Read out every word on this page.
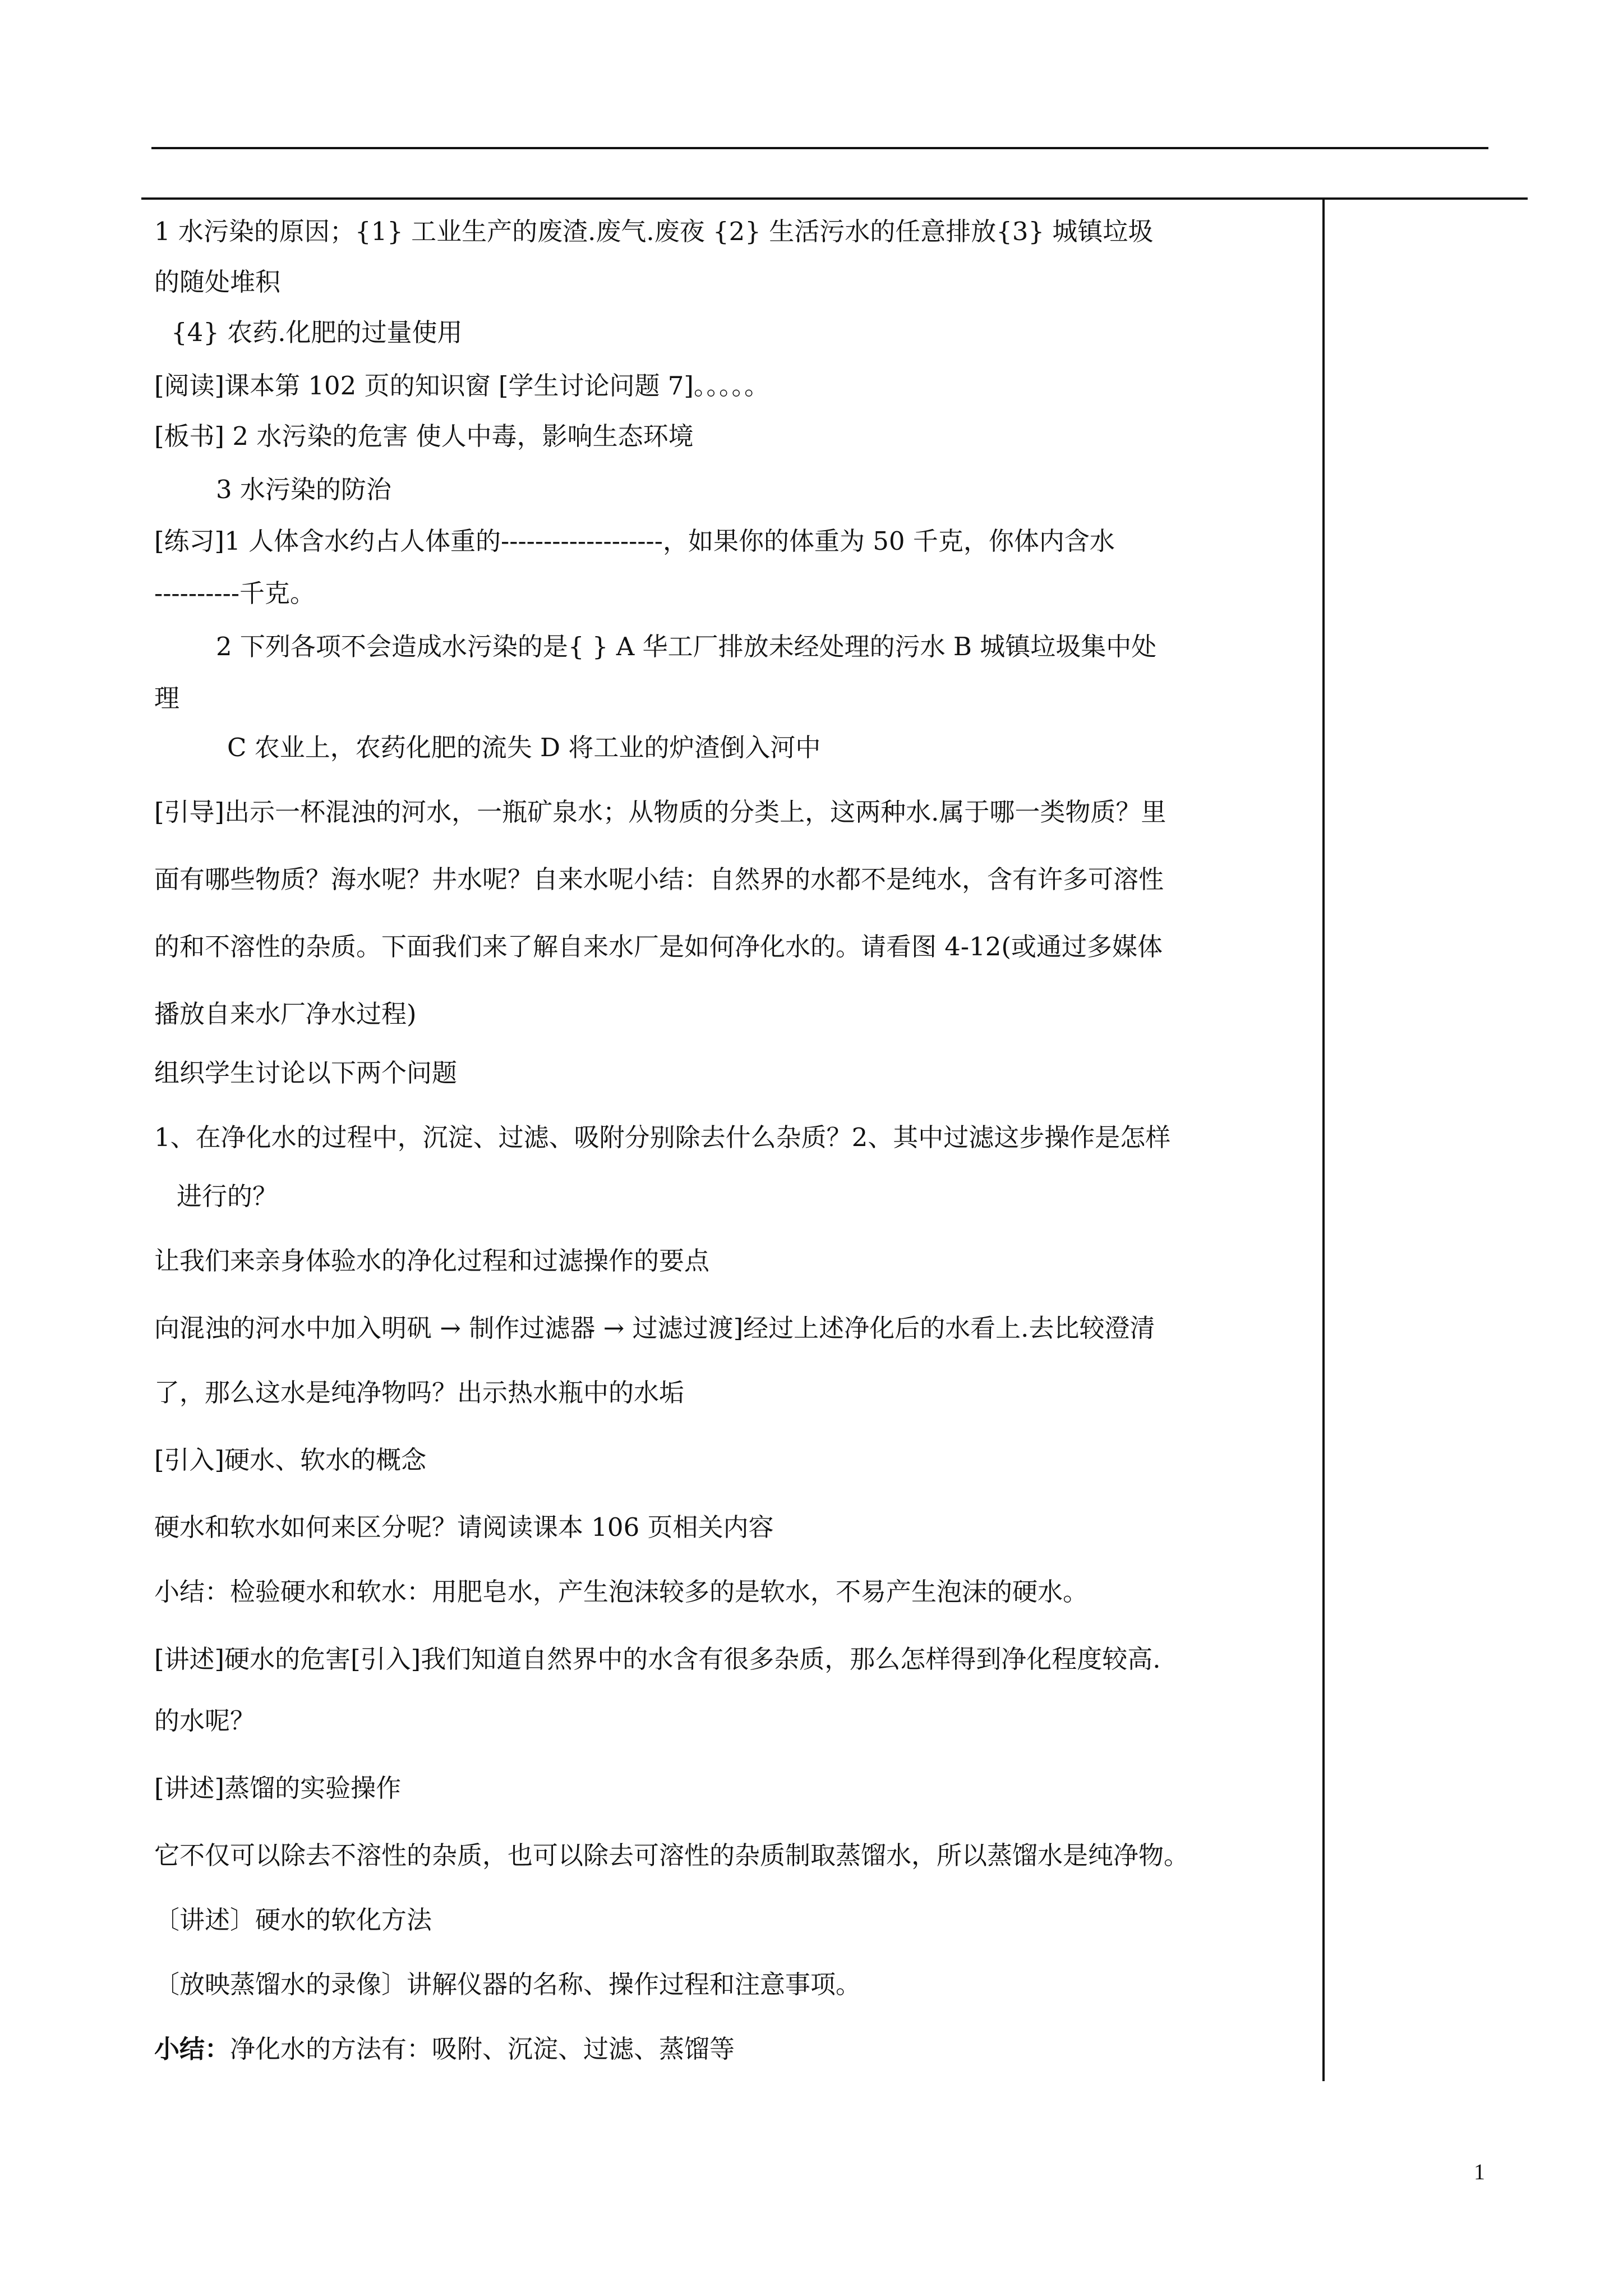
1 水污染的原因；{1} 工业生产的废渣.废气.废夜 {2} 生活污水的任意排放{3} 城镇垃圾
的随处堆积
{4} 农药.化肥的过量使用
[阅读]课本第 102 页的知识窗 [学生讨论问题 7]。。。。。
[板书] 2 水污染的危害 使人中毒，影响生态环境
3 水污染的防治
[练习]1 人体含水约占人体重的-------------------，如果你的体重为 50 千克，你体内含水
----------千克。
2 下列各项不会造成水污染的是{ } A 华工厂排放未经处理的污水 B 城镇垃圾集中处
理
C 农业上，农药化肥的流失 D 将工业的炉渣倒入河中
[引导]出示一杯混浊的河水，一瓶矿泉水；从物质的分类上，这两种水.属于哪一类物质？里
面有哪些物质？海水呢？井水呢？自来水呢小结：自然界的水都不是纯水，含有许多可溶性
的和不溶性的杂质。下面我们来了解自来水厂是如何净化水的。请看图 4-12(或通过多媒体
播放自来水厂净水过程)
组织学生讨论以下两个问题
1、在净化水的过程中，沉淀、过滤、吸附分别除去什么杂质？2、其中过滤这步操作是怎样
进行的？
让我们来亲身体验水的净化过程和过滤操作的要点
向混浊的河水中加入明矾 → 制作过滤器 → 过滤过渡]经过上述净化后的水看上.去比较澄清
了，那么这水是纯净物吗？出示热水瓶中的水垢
[引入]硬水、软水的概念
硬水和软水如何来区分呢？请阅读课本 106 页相关内容
小结：检验硬水和软水：用肥皂水，产生泡沫较多的是软水，不易产生泡沫的硬水。
[讲述]硬水的危害[引入]我们知道自然界中的水含有很多杂质，那么怎样得到净化程度较高.
的水呢？
[讲述]蒸馏的实验操作
它不仅可以除去不溶性的杂质，也可以除去可溶性的杂质制取蒸馏水，所以蒸馏水是纯净物。
〔讲述〕硬水的软化方法
〔放映蒸馏水的录像〕讲解仪器的名称、操作过程和注意事项。
小结：净化水的方法有：吸附、沉淀、过滤、蒸馏等
1
